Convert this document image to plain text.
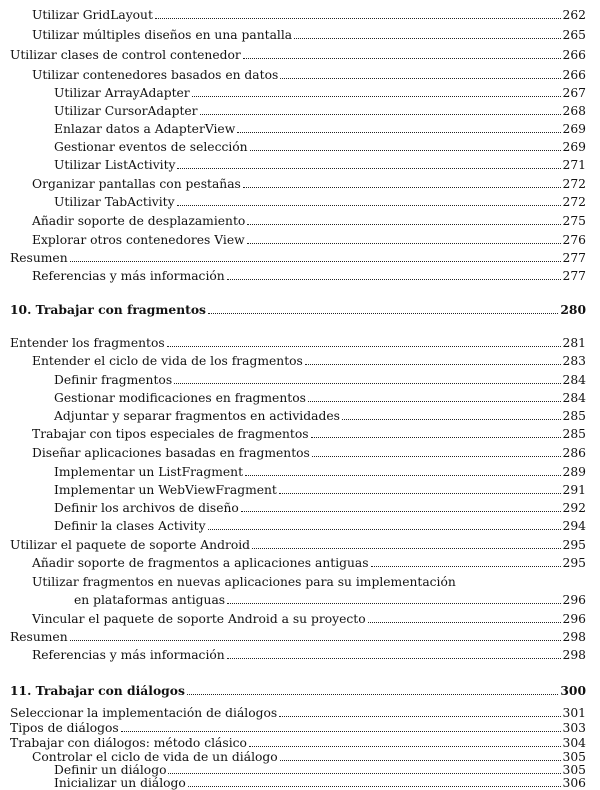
Utilizar GridLayout	262
Utilizar múltiples diseños en una pantalla	265
Utilizar clases de control contenedor	266
Utilizar contenedores basados en datos	266
Utilizar ArrayAdapter	267
Utilizar CursorAdapter	268
Enlazar datos a AdapterView	269
Gestionar eventos de selección	269
Utilizar ListActivity	271
Organizar pantallas con pestañas	272
Utilizar TabActivity	272
Añadir soporte de desplazamiento	275
Explorar otros contenedores View	276
Resumen	277
Referencias y más información	277
10. Trabajar con fragmentos	280
Entender los fragmentos	281
Entender el ciclo de vida de los fragmentos	283
Definir fragmentos	284
Gestionar modificaciones en fragmentos	284
Adjuntar y separar fragmentos en actividades	285
Trabajar con tipos especiales de fragmentos	285
Diseñar aplicaciones basadas en fragmentos	286
Implementar un ListFragment	289
Implementar un WebViewFragment	291
Definir los archivos de diseño	292
Definir la clases Activity	294
Utilizar el paquete de soporte Android	295
Añadir soporte de fragmentos a aplicaciones antiguas	295
Utilizar fragmentos en nuevas aplicaciones para su implementación
en plataformas antiguas	296
Vincular el paquete de soporte Android a su proyecto	296
Resumen	298
Referencias y más información	298
11. Trabajar con diálogos	300
Seleccionar la implementación de diálogos	301
Tipos de diálogos	303
Trabajar con diálogos: método clásico	304
Controlar el ciclo de vida de un diálogo	305
Definir un diálogo	305
Inicializar un diálogo	306
